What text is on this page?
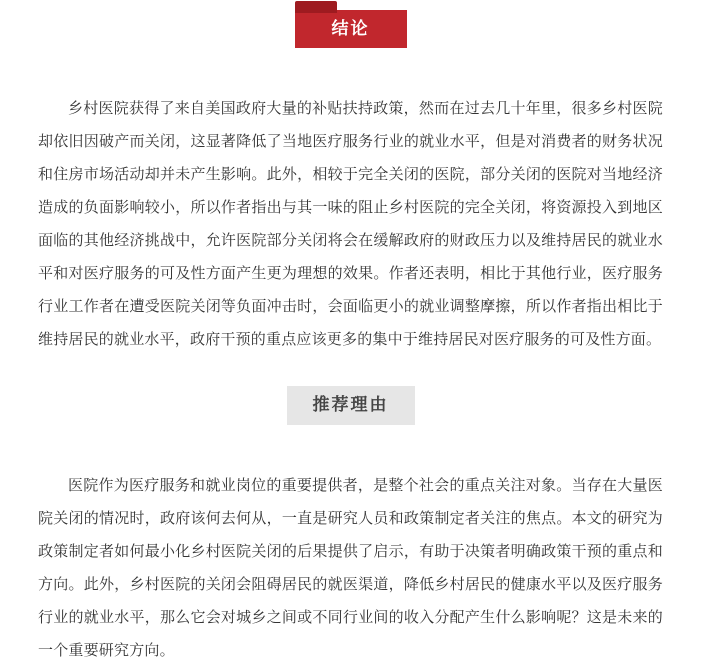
结论

乡村医院获得了来自美国政府大量的补贴扶持政策，然而在过去几十年里，很多乡村医院却依旧因破产而关闭，这显著降低了当地医疗服务行业的就业水平，但是对消费者的财务状况和住房市场活动却并未产生影响。此外，相较于完全关闭的医院，部分关闭的医院对当地经济造成的负面影响较小，所以作者指出与其一味的阻止乡村医院的完全关闭，将资源投入到地区面临的其他经济挑战中，允许医院部分关闭将会在缓解政府的财政压力以及维持居民的就业水平和对医疗服务的可及性方面产生更为理想的效果。作者还表明，相比于其他行业，医疗服务行业工作者在遭受医院关闭等负面冲击时，会面临更小的就业调整摩擦，所以作者指出相比于维持居民的就业水平，政府干预的重点应该更多的集中于维持居民对医疗服务的可及性方面。

推荐理由

医院作为医疗服务和就业岗位的重要提供者，是整个社会的重点关注对象。当存在大量医院关闭的情况时，政府该何去何从，一直是研究人员和政策制定者关注的焦点。本文的研究为政策制定者如何最小化乡村医院关闭的后果提供了启示，有助于决策者明确政策干预的重点和方向。此外，乡村医院的关闭会阻碍居民的就医渠道，降低乡村居民的健康水平以及医疗服务行业的就业水平，那么它会对城乡之间或不同行业间的收入分配产生什么影响呢？这是未来的一个重要研究方向。
